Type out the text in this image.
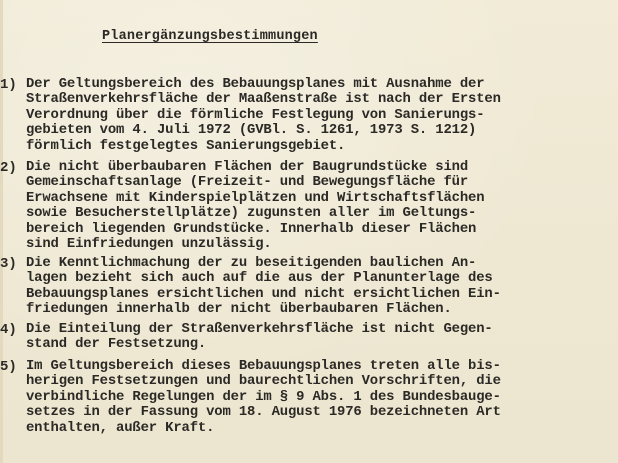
Planergänzungsbestimmungen
1) Der Geltungsbereich des Bebauungsplanes mit Ausnahme der
Straßenverkehrsfläche der Maaßenstraße ist nach der Ersten
Verordnung über die förmliche Festlegung von Sanierungs-
gebieten vom 4. Juli 1972 (GVBl. S. 1261, 1973 S. 1212)
förmlich festgelegtes Sanierungsgebiet.
2) Die nicht überbaubaren Flächen der Baugrundstücke sind
Gemeinschaftsanlage (Freizeit- und Bewegungsfläche für
Erwachsene mit Kinderspielplätzen und Wirtschaftsflächen
sowie Besucherstellplätze) zugunsten aller im Geltungs-
bereich liegenden Grundstücke. Innerhalb dieser Flächen
sind Einfriedungen unzulässig.
3) Die Kenntlichmachung der zu beseitigenden baulichen An-
lagen bezieht sich auch auf die aus der Planunterlage des
Bebauungsplanes ersichtlichen und nicht ersichtlichen Ein-
friedungen innerhalb der nicht überbaubaren Flächen.
4) Die Einteilung der Straßenverkehrsfläche ist nicht Gegen-
stand der Festsetzung.
5) Im Geltungsbereich dieses Bebauungsplanes treten alle bis-
herigen Festsetzungen und baurechtlichen Vorschriften, die
verbindliche Regelungen der im § 9 Abs. 1 des Bundesbauge-
setzes in der Fassung vom 18. August 1976 bezeichneten Art
enthalten, außer Kraft.
